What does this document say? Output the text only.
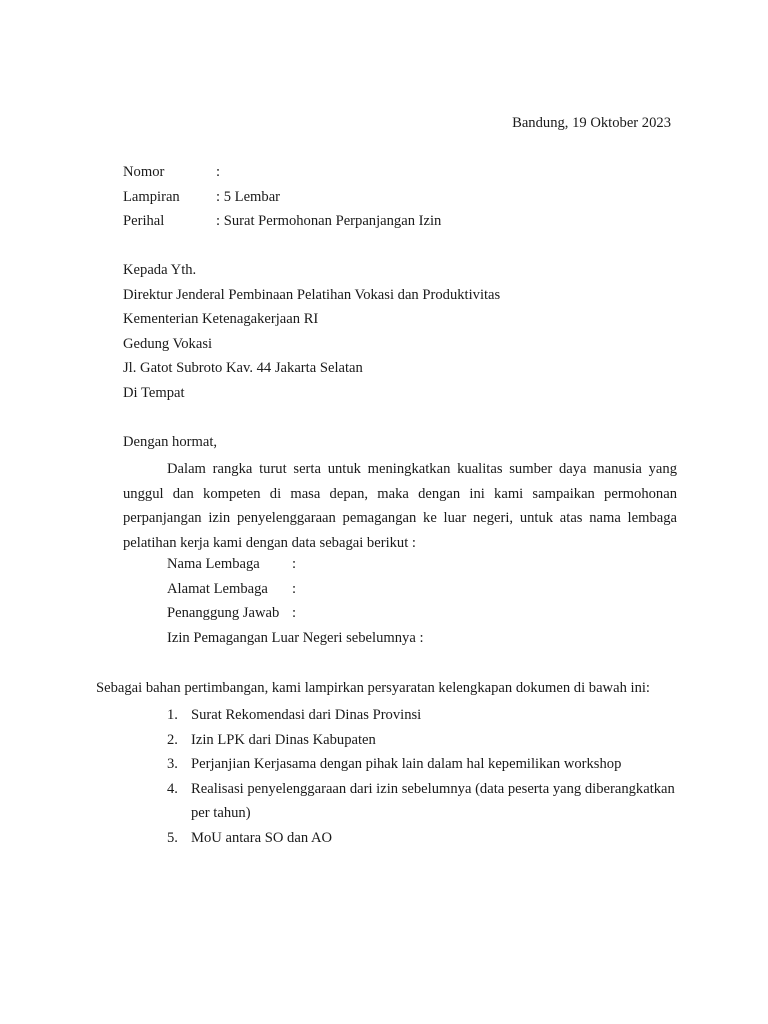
Bandung, 19 Oktober 2023
Nomor	:
Lampiran : 5 Lembar
Perihal	: Surat Permohonan Perpanjangan Izin
Kepada Yth.
Direktur Jenderal Pembinaan Pelatihan Vokasi dan Produktivitas
Kementerian Ketenagakerjaan RI
Gedung Vokasi
Jl. Gatot Subroto Kav. 44 Jakarta Selatan
Di Tempat
Dengan hormat,

Dalam rangka turut serta untuk meningkatkan kualitas sumber daya manusia yang unggul dan kompeten di masa depan, maka dengan ini kami sampaikan permohonan perpanjangan izin penyelenggaraan pemagangan ke luar negeri, untuk atas nama lembaga pelatihan kerja kami dengan data sebagai berikut :

Nama Lembaga :
Alamat Lembaga :
Penanggung Jawab :
Izin Pemagangan Luar Negeri sebelumnya :
Sebagai bahan pertimbangan, kami lampirkan persyaratan kelengkapan dokumen di bawah ini:
1. Surat Rekomendasi dari Dinas Provinsi
2. Izin LPK dari Dinas Kabupaten
3. Perjanjian Kerjasama dengan pihak lain dalam hal kepemilikan workshop
4. Realisasi penyelenggaraan dari izin sebelumnya (data peserta yang diberangkatkan per tahun)
5. MoU antara SO dan AO
